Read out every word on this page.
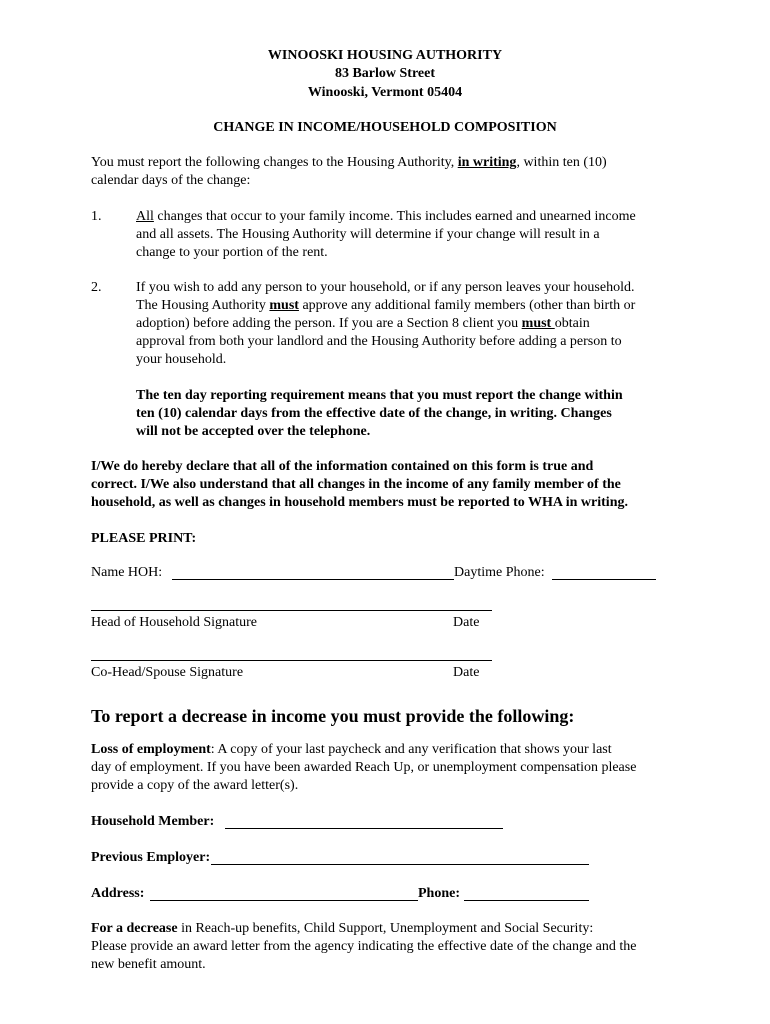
WINOOSKI HOUSING AUTHORITY
83 Barlow Street
Winooski, Vermont 05404
CHANGE IN INCOME/HOUSEHOLD COMPOSITION
You must report the following changes to the Housing Authority, in writing, within ten (10)
calendar days of the change:
1. All changes that occur to your family income. This includes earned and unearned income
and all assets. The Housing Authority will determine if your change will result in a
change to your portion of the rent.
2. If you wish to add any person to your household, or if any person leaves your household.
The Housing Authority must approve any additional family members (other than birth or
adoption) before adding the person. If you are a Section 8 client you must obtain
approval from both your landlord and the Housing Authority before adding a person to
your household.
The ten day reporting requirement means that you must report the change within
ten (10) calendar days from the effective date of the change, in writing. Changes
will not be accepted over the telephone.
I/We do hereby declare that all of the information contained on this form is true and
correct. I/We also understand that all changes in the income of any family member of the
household, as well as changes in household members must be reported to WHA in writing.
PLEASE PRINT:
Name HOH:	Daytime Phone:
Head of Household Signature	Date
Co-Head/Spouse Signature	Date
To report a decrease in income you must provide the following:
Loss of employment: A copy of your last paycheck and any verification that shows your last
day of employment. If you have been awarded Reach Up, or unemployment compensation please
provide a copy of the award letter(s).
Household Member:
Previous Employer:
Address:	Phone:
For a decrease in Reach-up benefits, Child Support, Unemployment and Social Security:
Please provide an award letter from the agency indicating the effective date of the change and the
new benefit amount.
